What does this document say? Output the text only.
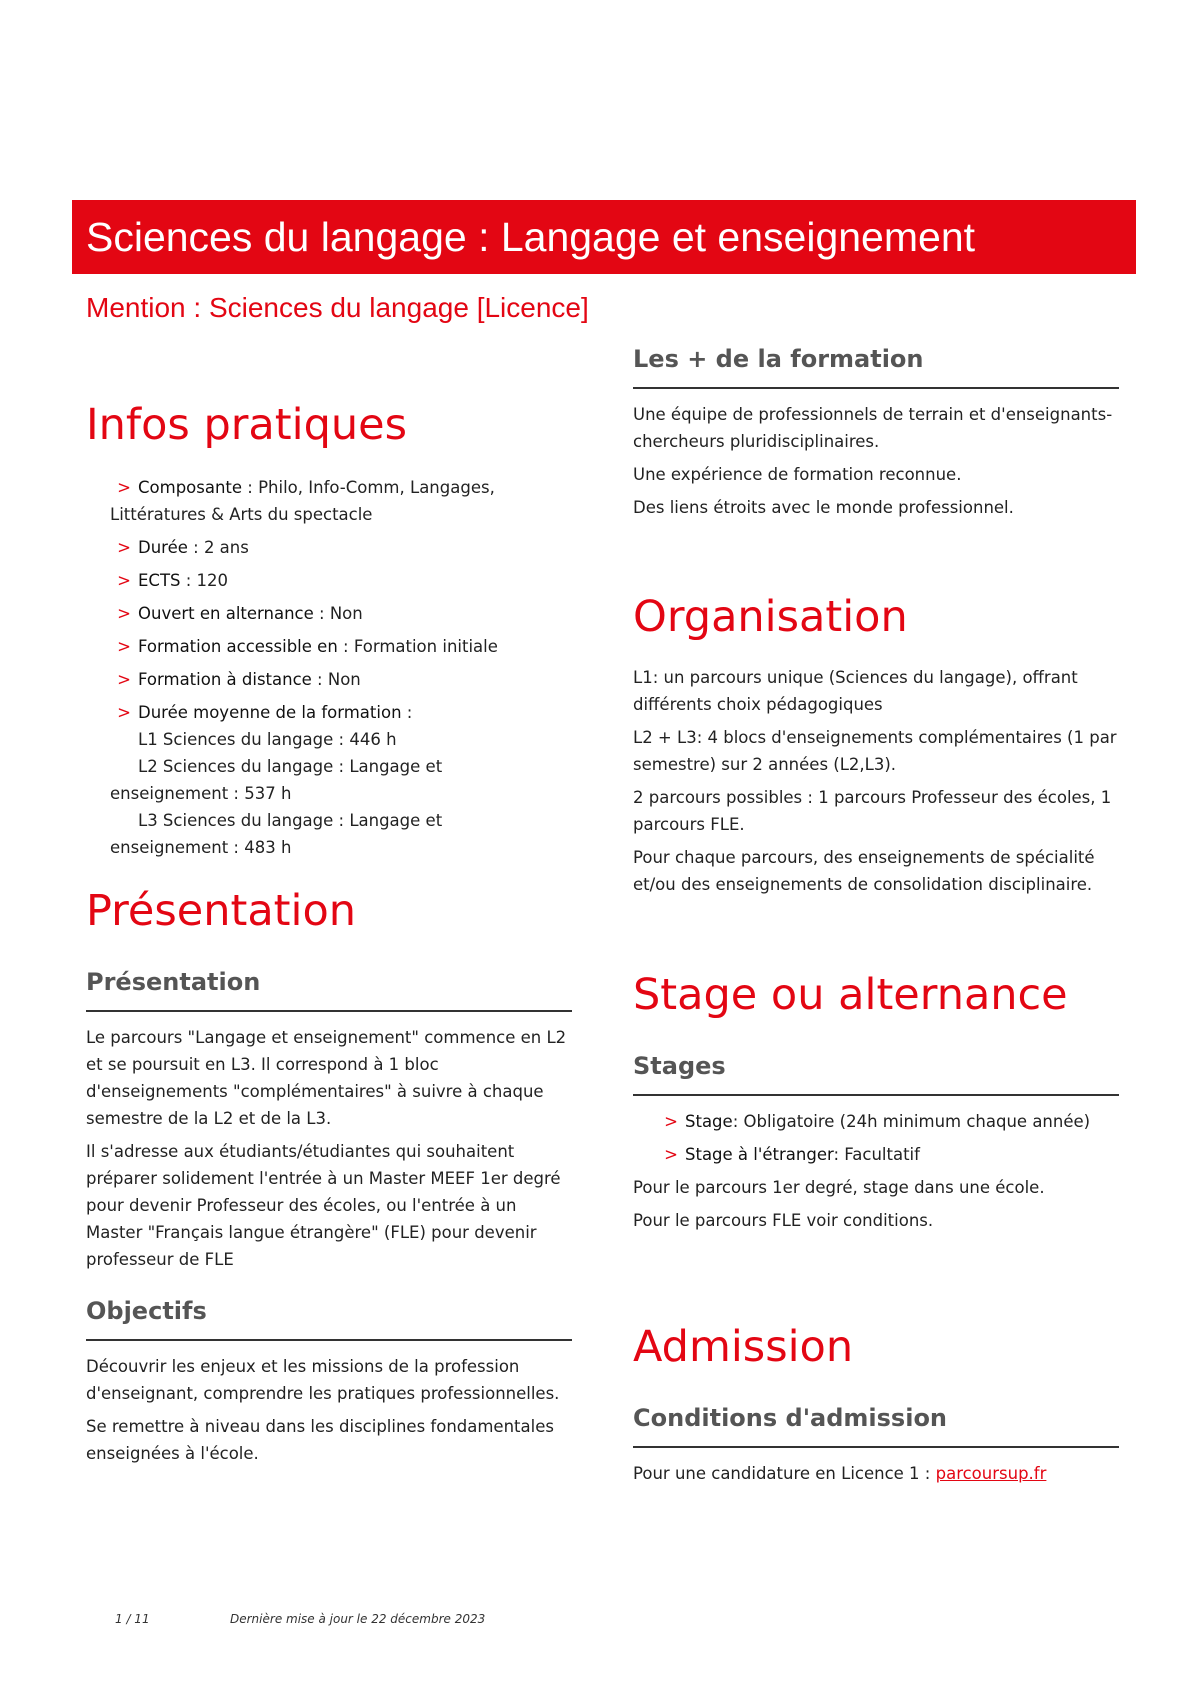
Sciences du langage : Langage et enseignement
Mention : Sciences du langage [Licence]
Infos pratiques
> Composante : Philo, Info-Comm, Langages,
Littératures & Arts du spectacle
> Durée : 2 ans
> ECTS : 120
> Ouvert en alternance : Non
> Formation accessible en : Formation initiale
> Formation à distance : Non
> Durée moyenne de la formation :
L1 Sciences du langage : 446 h
L2 Sciences du langage : Langage et
enseignement : 537 h
L3 Sciences du langage : Langage et
enseignement : 483 h
Présentation
Présentation

Le parcours "Langage et enseignement" commence en L2 et se poursuit en L3. Il correspond à 1 bloc d'enseignements "complémentaires" à suivre à chaque semestre de la L2 et de la L3.

Il s'adresse aux étudiants/étudiantes qui souhaitent préparer solidement l'entrée à un Master MEEF 1er degré pour devenir Professeur des écoles, ou l'entrée à un Master "Français langue étrangère" (FLE) pour devenir professeur de FLE

Objectifs

Découvrir les enjeux et les missions de la profession d'enseignant, comprendre les pratiques professionnelles.

Se remettre à niveau dans les disciplines fondamentales enseignées à l'école.

Les + de la formation

Une équipe de professionnels de terrain et d'enseignants-chercheurs pluridisciplinaires.

Une expérience de formation reconnue.

Des liens étroits avec le monde professionnel.

Organisation

L1: un parcours unique (Sciences du langage), offrant différents choix pédagogiques

L2 + L3: 4 blocs d'enseignements complémentaires (1 par semestre) sur 2 années (L2,L3).

2 parcours possibles : 1 parcours Professeur des écoles, 1 parcours FLE.

Pour chaque parcours, des enseignements de spécialité et/ou des enseignements de consolidation disciplinaire.

Stage ou alternance
Stages
> Stage: Obligatoire (24h minimum chaque année)
> Stage à l'étranger: Facultatif

Pour le parcours 1er degré, stage dans une école.

Pour le parcours FLE voir conditions.

Admission
Conditions d'admission

Pour une candidature en Licence 1 : parcoursup.fr

1 / 11	Dernière mise à jour le 22 décembre 2023
